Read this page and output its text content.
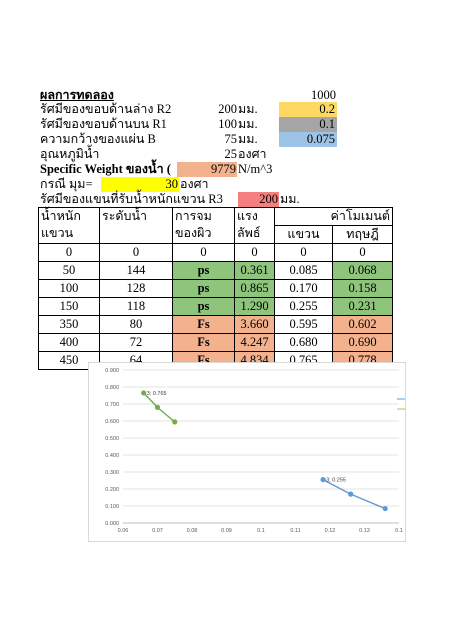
ผลการทดลอง	1000
รัศมีของขอบด้านล่าง R2	200 มม.	0.2
รัศมีของขอบด้านบน R1	100 มม.	0.1
ความกว้างของแผ่น B	75 มม.	0.075
อุณหภูมิน้ำ	25 องศา
Specific Weight ของน้ำ (	9779 N/m^3
กรณี มุม=	30 องศา
รัศมีของแขนที่รับน้ำหนักแขวน R3	200 มม.
น้ำหนักแขวน	ระดับน้ำ	การจมของผิว	แรงลัพธ์	ค่าโมเมนต์	
				แขวน	ทฤษฎี
0	0	0	0	0	0
50	144	ps	0.361	0.085	0.068
100	128	ps	0.865	0.170	0.158
150	118	ps	1.290	0.255	0.231
350	80	Fs	3.660	0.595	0.602
400	72	Fs	4.247	0.680	0.690
450	64	Fs	4.834	0.765	0.778
0.000
0.100
0.200
0.300
0.400
0.500
0.600
0.700
0.800
0.900
0.06	0.07	0.08	0.09	0.1	0.11	0.12	0.13	0.1
3; 0.765
3; 0.255
